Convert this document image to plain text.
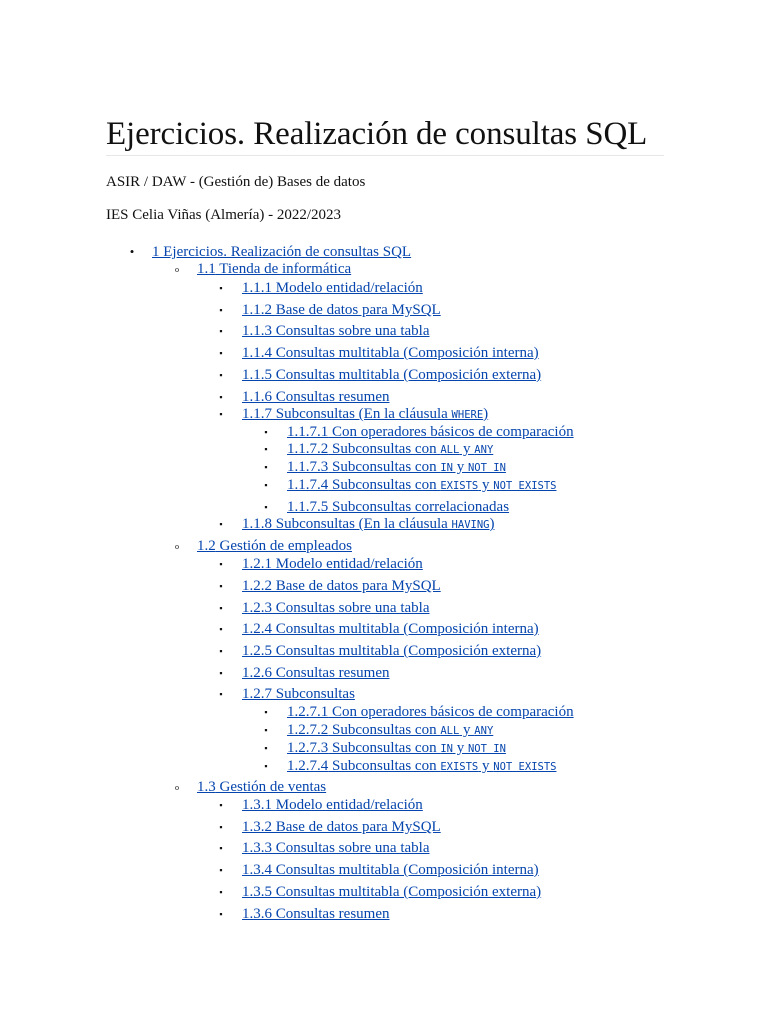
Ejercicios. Realización de consultas SQL

ASIR / DAW - (Gestión de) Bases de datos

IES Celia Viñas (Almería) - 2022/2023

• 1 Ejercicios. Realización de consultas SQL
o 1.1 Tienda de informática
▪ 1.1.1 Modelo entidad/relación
▪ 1.1.2 Base de datos para MySQL
▪ 1.1.3 Consultas sobre una tabla
▪ 1.1.4 Consultas multitabla (Composición interna)
▪ 1.1.5 Consultas multitabla (Composición externa)
▪ 1.1.6 Consultas resumen
▪ 1.1.7 Subconsultas (En la cláusula WHERE)
▪ 1.1.7.1 Con operadores básicos de comparación
▪ 1.1.7.2 Subconsultas con ALL y ANY
▪ 1.1.7.3 Subconsultas con IN y NOT IN
▪ 1.1.7.4 Subconsultas con EXISTS y NOT EXISTS
▪ 1.1.7.5 Subconsultas correlacionadas
▪ 1.1.8 Subconsultas (En la cláusula HAVING)
o 1.2 Gestión de empleados
▪ 1.2.1 Modelo entidad/relación
▪ 1.2.2 Base de datos para MySQL
▪ 1.2.3 Consultas sobre una tabla
▪ 1.2.4 Consultas multitabla (Composición interna)
▪ 1.2.5 Consultas multitabla (Composición externa)
▪ 1.2.6 Consultas resumen
▪ 1.2.7 Subconsultas
▪ 1.2.7.1 Con operadores básicos de comparación
▪ 1.2.7.2 Subconsultas con ALL y ANY
▪ 1.2.7.3 Subconsultas con IN y NOT IN
▪ 1.2.7.4 Subconsultas con EXISTS y NOT EXISTS
o 1.3 Gestión de ventas
▪ 1.3.1 Modelo entidad/relación
▪ 1.3.2 Base de datos para MySQL
▪ 1.3.3 Consultas sobre una tabla
▪ 1.3.4 Consultas multitabla (Composición interna)
▪ 1.3.5 Consultas multitabla (Composición externa)
▪ 1.3.6 Consultas resumen
